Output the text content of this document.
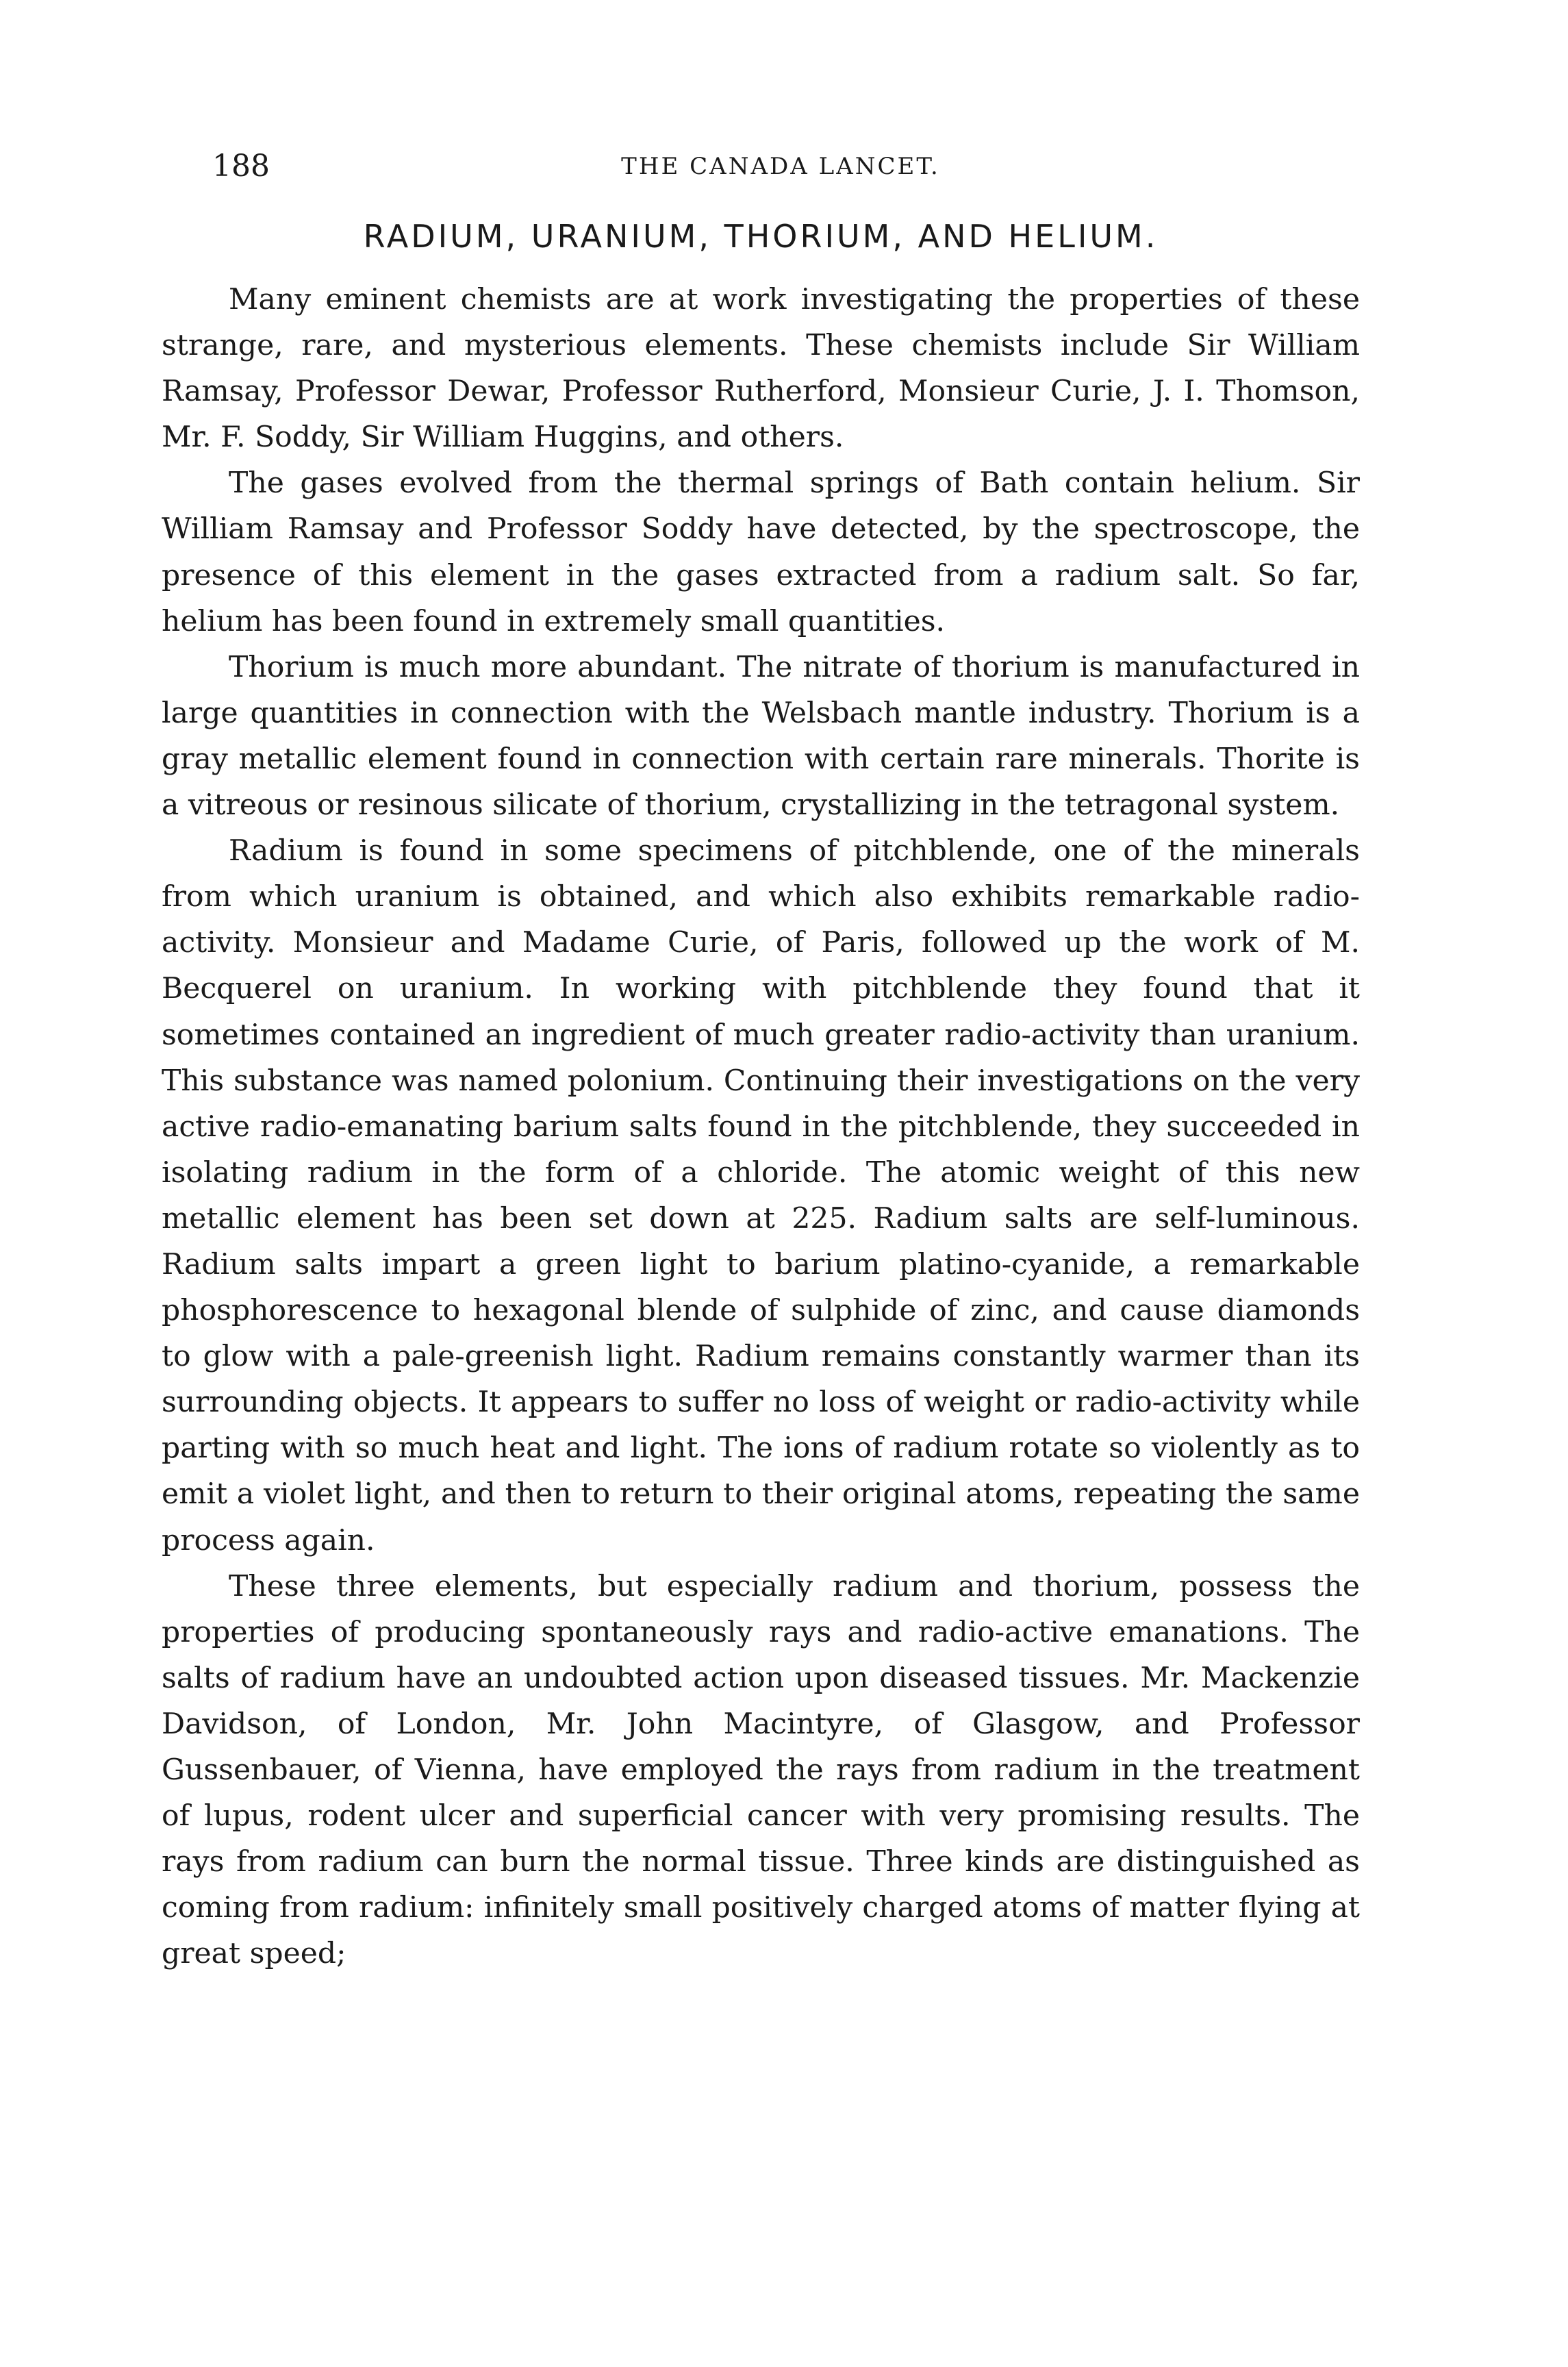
188	THE CANADA LANCET.
RADIUM, URANIUM, THORIUM, AND HELIUM.

Many eminent chemists are at work investigating the properties of these strange, rare, and mysterious elements. These chemists include Sir William Ramsay, Professor Dewar, Professor Rutherford, Monsieur Curie, J. I. Thomson, Mr. F. Soddy, Sir William Huggins, and others.

The gases evolved from the thermal springs of Bath contain helium. Sir William Ramsay and Professor Soddy have detected, by the spectroscope, the presence of this element in the gases extracted from a radium salt. So far, helium has been found in extremely small quantities.

Thorium is much more abundant. The nitrate of thorium is manufactured in large quantities in connection with the Welsbach mantle industry. Thorium is a gray metallic element found in connection with certain rare minerals. Thorite is a vitreous or resinous silicate of thorium, crystallizing in the tetragonal system.

Radium is found in some specimens of pitchblende, one of the minerals from which uranium is obtained, and which also exhibits remarkable radio-activity. Monsieur and Madame Curie, of Paris, followed up the work of M. Becquerel on uranium. In working with pitchblende they found that it sometimes contained an ingredient of much greater radio-activity than uranium. This substance was named polonium. Continuing their investigations on the very active radio-emanating barium salts found in the pitchblende, they succeeded in isolating radium in the form of a chloride. The atomic weight of this new metallic element has been set down at 225. Radium salts are self-luminous. Radium salts impart a green light to barium platino-cyanide, a remarkable phosphorescence to hexagonal blende of sulphide of zinc, and cause diamonds to glow with a pale-greenish light. Radium remains constantly warmer than its surrounding objects. It appears to suffer no loss of weight or radio-activity while parting with so much heat and light. The ions of radium rotate so violently as to emit a violet light, and then to return to their original atoms, repeating the same process again.

These three elements, but especially radium and thorium, possess the properties of producing spontaneously rays and radio-active emanations. The salts of radium have an undoubted action upon diseased tissues. Mr. Mackenzie Davidson, of London, Mr. John Macintyre, of Glasgow, and Professor Gussenbauer, of Vienna, have employed the rays from radium in the treatment of lupus, rodent ulcer and superficial cancer with very promising results. The rays from radium can burn the normal tissue. Three kinds are distinguished as coming from radium: infinitely small positively charged atoms of matter flying at great speed;
